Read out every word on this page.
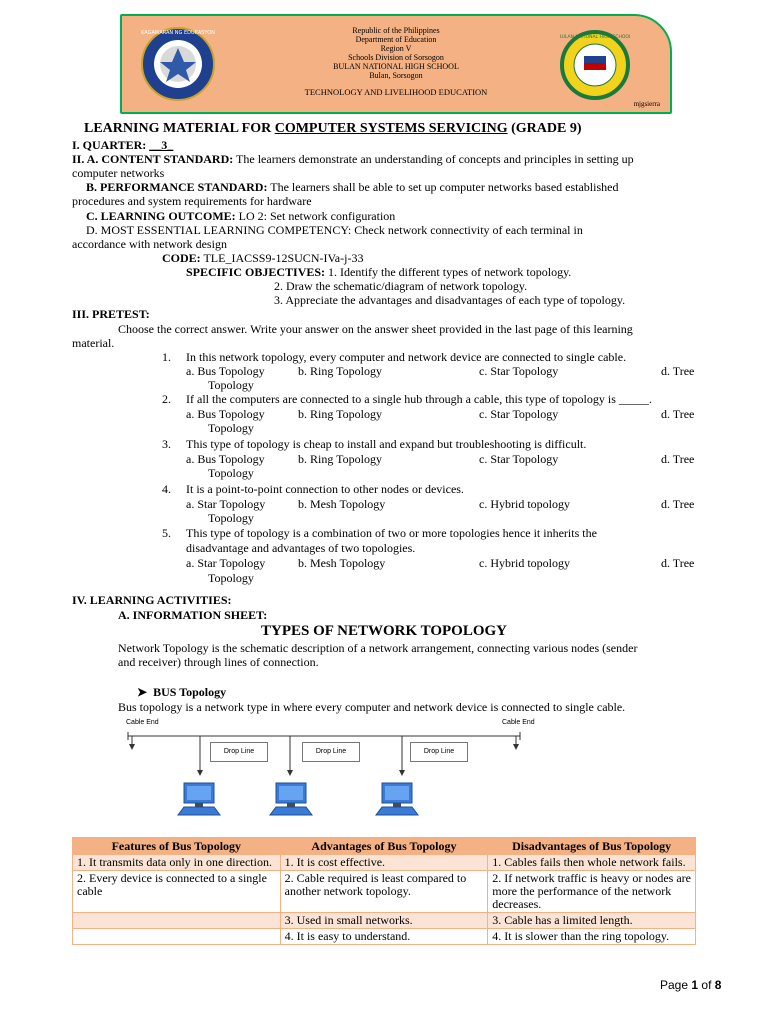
KAGAWARAN NG EDUKASYON	Republic of the Philippines
Department of Education
Region V
Schools Division of Sorsogon
BULAN NATIONAL HIGH SCHOOL
Bulan, Sorsogon
TECHNOLOGY AND LIVELIHOOD EDUCATION
BULAN NATIONAL HIGH SCHOOL
mjgsierra
LEARNING MATERIAL FOR COMPUTER SYSTEMS SERVICING (GRADE 9)
I. QUARTER: __3_
II. A. CONTENT STANDARD: The learners demonstrate an understanding of concepts and principles in setting up
computer networks
B. PERFORMANCE STANDARD: The learners shall be able to set up computer networks based established
procedures and system requirements for hardware
C. LEARNING OUTCOME: LO 2: Set network configuration
D. MOST ESSENTIAL LEARNING COMPETENCY: Check network connectivity of each terminal in
accordance with network design
CODE: TLE_IACSS9-12SUCN-IVa-j-33
SPECIFIC OBJECTIVES: 1. Identify the different types of network topology.
2. Draw the schematic/diagram of network topology.
3. Appreciate the advantages and disadvantages of each type of topology.
III. PRETEST:
Choose the correct answer. Write your answer on the answer sheet provided in the last page of this learning
material.
1. In this network topology, every computer and network device are connected to single cable.
a. Bus Topology	b. Ring Topology	c. Star Topology	d. Tree
Topology
2. If all the computers are connected to a single hub through a cable, this type of topology is _____.
a. Bus Topology	b. Ring Topology	c. Star Topology	d. Tree
Topology
3. This type of topology is cheap to install and expand but troubleshooting is difficult.
a. Bus Topology	b. Ring Topology	c. Star Topology	d. Tree
Topology
4. It is a point-to-point connection to other nodes or devices.
a. Star Topology	b. Mesh Topology	c. Hybrid topology	d. Tree
Topology
5. This type of topology is a combination of two or more topologies hence it inherits the
disadvantage and advantages of two topologies.
a. Star Topology	b. Mesh Topology	c. Hybrid topology	d. Tree
Topology
IV. LEARNING ACTIVITIES:
A. INFORMATION SHEET:
TYPES OF NETWORK TOPOLOGY
Network Topology is the schematic description of a network arrangement, connecting various nodes (sender
and receiver) through lines of connection.
➤ BUS Topology
Bus topology is a network type in where every computer and network device is connected to single cable.
Cable End	Cable End
Drop Line	Drop Line	Drop Line
Features of Bus Topology	Advantages of Bus Topology	Disadvantages of Bus Topology
1. It transmits data only in one direction.	1. It is cost effective.	1. Cables fails then whole network fails.
2. Every device is connected to a single cable	2. Cable required is least compared to another network topology.	2. If network traffic is heavy or nodes are more the performance of the network decreases.
	3. Used in small networks.	3. Cable has a limited length.
	4. It is easy to understand.	4. It is slower than the ring topology.
Page 1 of 8
